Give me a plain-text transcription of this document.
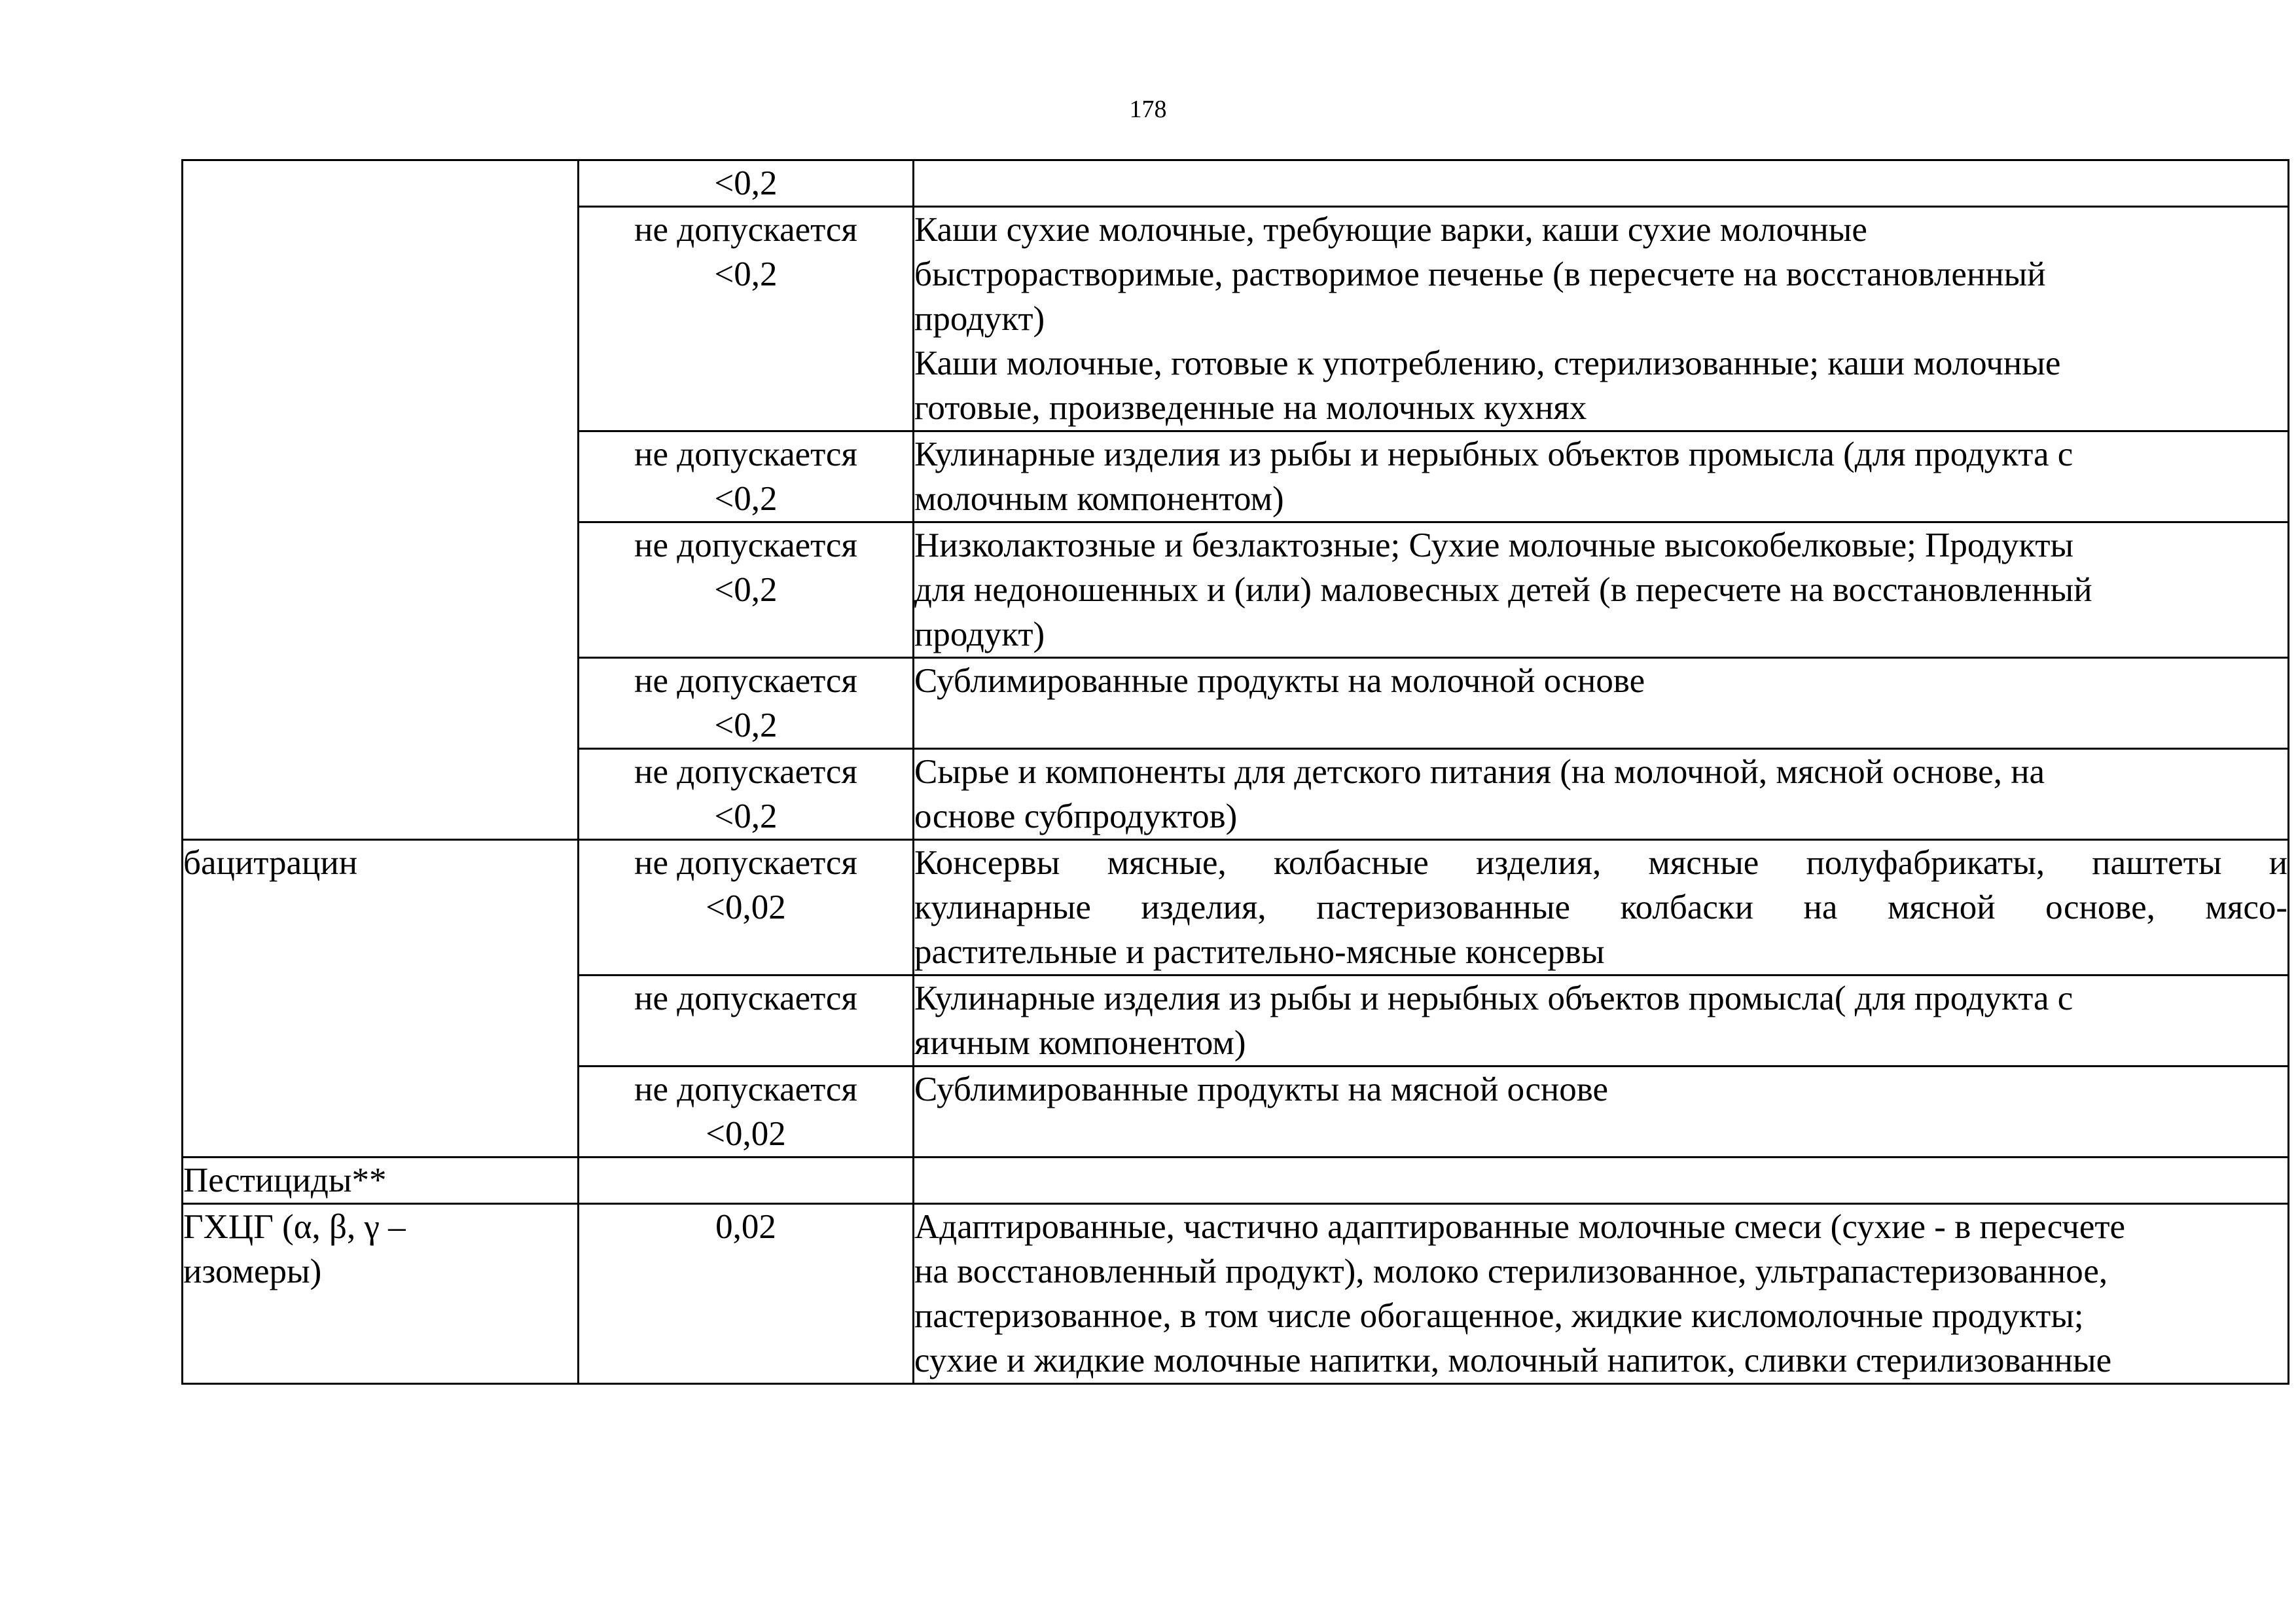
178

	<0,2	

	не допускается
<0,2	Каши сухие молочные, требующие варки, каши сухие молочные
быстрорастворимые, растворимое печенье (в пересчете на восстановленный
продукт)
Каши молочные, готовые к употреблению, стерилизованные; каши молочные
готовые, произведенные на молочных кухнях

	не допускается
<0,2	Кулинарные изделия из рыбы и нерыбных объектов промысла (для продукта с
молочным компонентом)

	не допускается
<0,2	Низколактозные и безлактозные; Сухие молочные высокобелковые; Продукты
для недоношенных и (или) маловесных детей (в пересчете на восстановленный
продукт)

	не допускается
<0,2	Сублимированные продукты на молочной основе

	не допускается
<0,2	Сырье и компоненты для детского питания (на молочной, мясной основе, на
основе субпродуктов)

бацитрацин	не допускается
<0,02	Консервы мясные, колбасные изделия, мясные полуфабрикаты, паштеты и
кулинарные изделия, пастеризованные колбаски на мясной основе, мясо-
растительные и растительно-мясные консервы

	не допускается	Кулинарные изделия из рыбы и нерыбных объектов промысла( для продукта с
яичным компонентом)

	не допускается
<0,02	Сублимированные продукты на мясной основе

Пестициды**		

ГХЦГ (α, β, γ –
изомеры)	0,02	Адаптированные, частично адаптированные молочные смеси (сухие - в пересчете
на восстановленный продукт), молоко стерилизованное, ультрапастеризованное,
пастеризованное, в том числе обогащенное, жидкие кисломолочные продукты;
сухие и жидкие молочные напитки, молочный напиток, сливки стерилизованные
